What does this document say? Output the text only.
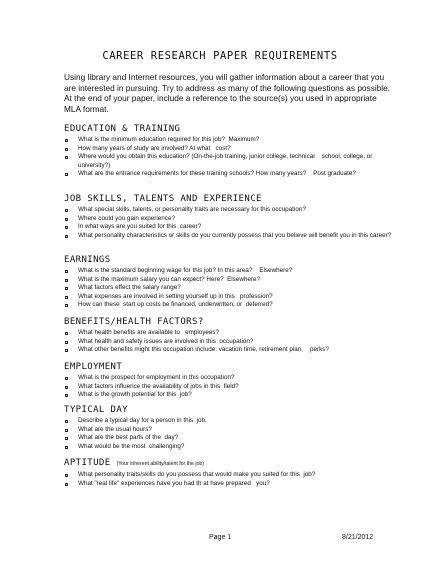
CAREER RESEARCH PAPER REQUIREMENTS
Using library and Internet resources, you will gather information about a career that you are interested in pursuing. Try to address as many of the following questions as possible. At the end of your paper, include a reference to the source(s) you used in appropriate MLA format.
EDUCATION & TRAINING
What is the minimum education required for this job?  Maximum?
How many years of study are involved? At what   cost?
Where would you obtain this education? (On-the-job training, junior college, technical    school, college, or university?)
What are the entrance requirements for these training schools? How many years?    Post graduate?
JOB SKILLS, TALENTS AND EXPERIENCE
What special skills, talents, or personality traits are necessary for this occupation?
Where could you gain experience?
In what ways are you suited for this  career?
What personality characteristics or skills do you currently possess that you believe will benefit you in this career?
EARNINGS
What is the standard beginning wage for this job? In this area?    Elsewhere?
What is the maximum salary you can expect? Here?  Elsewhere?
What factors effect the salary range?
What expenses are involved in setting yourself up in this   profession?
How can these  start up costs be financed, underwritten, or  deferred?
BENEFITS/HEALTH FACTORS?
What health benefits are available to   employees?
What health and safety issues are involved in this  occupation?
What other benefits might this occupation include: vacation time, retirement plan,    perks?
EMPLOYMENT
What is the prospect for employment in this occupation?
What factors influence the availability of jobs in this  field?
What is the growth potential for this  job?
TYPICAL DAY
Describe a typical day for a person in this  job.
What are the usual hours?
What are the best parts of the  day?
What would be the most  challenging?
APTITUDE (Your inherent ability/talent for the job)
What personality traits/skills do you possess that would make you suited for this  job?
What "real life" experiences have you had th at have prepared   you?
Page 1	8/21/2012
